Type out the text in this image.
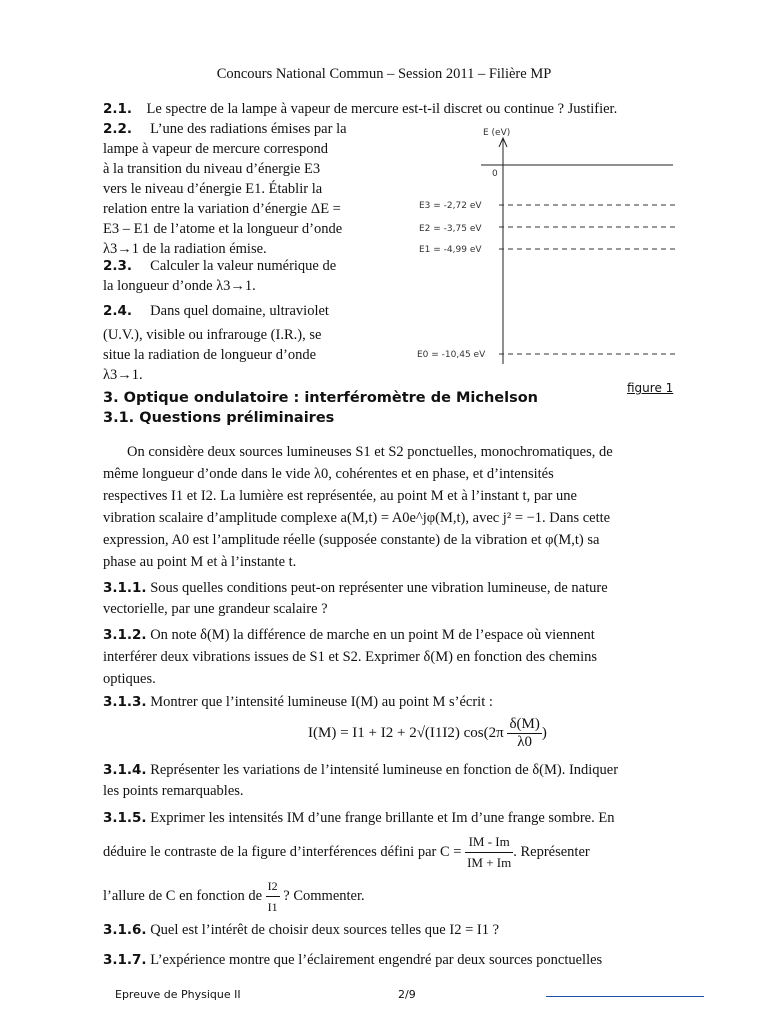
Concours National Commun – Session 2011 – Filière MP
2.1. Le spectre de la lampe à vapeur de mercure est-t-il discret ou continue ? Justifier.
2.2. L’une des radiations émises par la
lampe à vapeur de mercure correspond
à la transition du niveau d’énergie E3
vers le niveau d’énergie E1. Établir la
relation entre la variation d’énergie ΔE =
E3 – E1 de l’atome et la longueur d’onde
λ3→1 de la radiation émise.
2.3. Calculer la valeur numérique de
la longueur d’onde λ3→1.
2.4. Dans quel domaine, ultraviolet
(U.V.), visible ou infrarouge (I.R.), se
situe la radiation de longueur d’onde
λ3→1.
E (eV)
0
E3 = -2,72 eV
E2 = -3,75 eV
E1 = -4,99 eV
E0 = -10,45 eV
figure 1
3. Optique ondulatoire : interféromètre de Michelson
3.1. Questions préliminaires
On considère deux sources lumineuses S1 et S2 ponctuelles, monochromatiques, de
même longueur d’onde dans le vide λ0, cohérentes et en phase, et d’intensités
respectives I1 et I2. La lumière est représentée, au point M et à l’instant t, par une
vibration scalaire d’amplitude complexe a(M,t) = A0e^jφ(M,t), avec j² = −1. Dans cette
expression, A0 est l’amplitude réelle (supposée constante) de la vibration et φ(M,t) sa
phase au point M et à l’instante t.
3.1.1. Sous quelles conditions peut-on représenter une vibration lumineuse, de nature
vectorielle, par une grandeur scalaire ?
3.1.2. On note δ(M) la différence de marche en un point M de l’espace où viennent
interférer deux vibrations issues de S1 et S2. Exprimer δ(M) en fonction des chemins
optiques.
3.1.3. Montrer que l’intensité lumineuse I(M) au point M s’écrit :
I(M) = I1 + I2 + 2√(I1I2) $\cos(2\pi \frac{\delta(M)}{\lambda 0}$ )
3.1.4. Représenter les variations de l’intensité lumineuse en fonction de δ(M). Indiquer
les points remarquables.
3.1.5. Exprimer les intensités IM d’une frange brillante et Im d’une frange sombre. En
déduire le contraste de la figure d’interférences défini par $C = \frac{IM - Im}{IM + Im}$ . Représenter
l’allure de C en fonction de $\frac{I2}{I1}$ ? Commenter.
3.1.6. Quel est l’intérêt de choisir deux sources telles que I2 = I1 ?
3.1.7. L’expérience montre que l’éclairement engendré par deux sources ponctuelles
Epreuve de Physique II	2/9
